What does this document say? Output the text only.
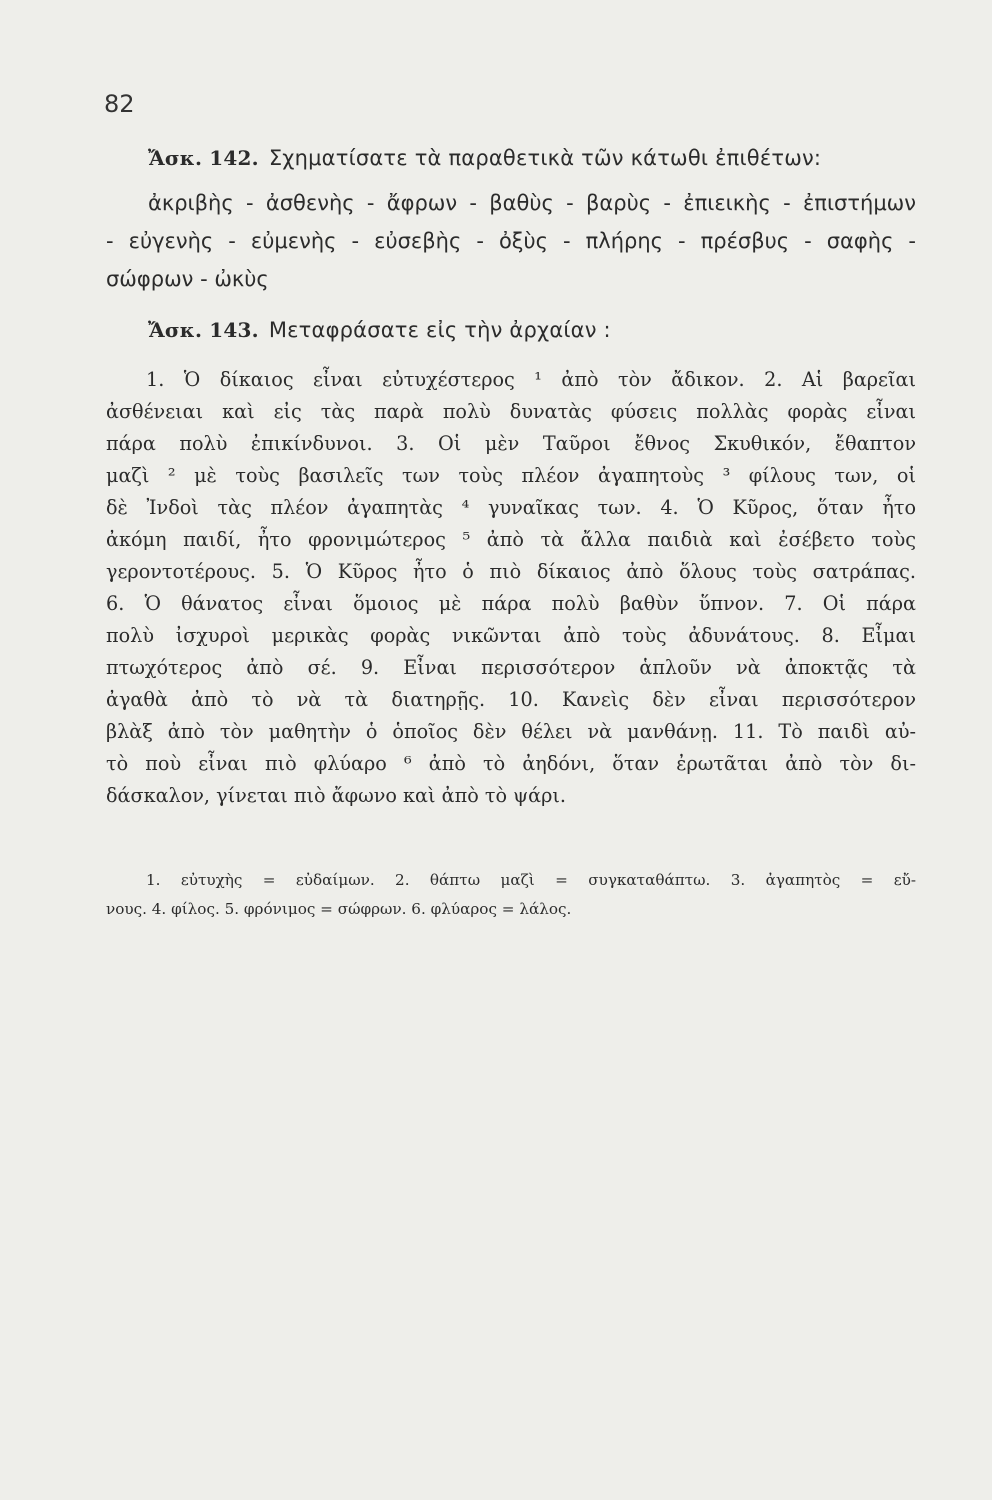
82
Ἄσκ. 142. Σχηματίσατε τὰ παραθετικὰ τῶν κάτωθι ἐπιθέτων:
ἀκριβὴς - ἀσθενὴς - ἄφρων - βαθὺς - βαρὺς - ἐπιεικὴς - ἐπιστήμων
- εὐγενὴς - εὐμενὴς - εὐσεβὴς - ὀξὺς - πλήρης - πρέσβυς - σαφὴς -
σώφρων - ὠκὺς
Ἄσκ. 143. Μεταφράσατε εἰς τὴν ἀρχαίαν :
1. Ὁ δίκαιος εἶναι εὐτυχέστερος ¹ ἀπὸ τὸν ἄδικον. 2. Αἱ βαρεῖαι
ἀσθένειαι καὶ εἰς τὰς παρὰ πολὺ δυνατὰς φύσεις πολλὰς φορὰς εἶναι
πάρα πολὺ ἐπικίνδυνοι. 3. Οἱ μὲν Ταῦροι ἔθνος Σκυθικόν, ἔθαπτον
μαζὶ ² μὲ τοὺς βασιλεῖς των τοὺς πλέον ἀγαπητοὺς ³ φίλους των, οἱ
δὲ Ἰνδοὶ τὰς πλέον ἀγαπητὰς ⁴ γυναῖκας των. 4. Ὁ Κῦρος, ὅταν ἦτο
ἀκόμη παιδί, ἦτο φρονιμώτερος ⁵ ἀπὸ τὰ ἄλλα παιδιὰ καὶ ἐσέβετο τοὺς
γεροντοτέρους. 5. Ὁ Κῦρος ἦτο ὁ πιὸ δίκαιος ἀπὸ ὅλους τοὺς σατράπας.
6. Ὁ θάνατος εἶναι ὅμοιος μὲ πάρα πολὺ βαθὺν ὕπνον. 7. Οἱ πάρα
πολὺ ἰσχυροὶ μερικὰς φορὰς νικῶνται ἀπὸ τοὺς ἀδυνάτους. 8. Εἶμαι
πτωχότερος ἀπὸ σέ. 9. Εἶναι περισσότερον ἁπλοῦν νὰ ἀποκτᾷς τὰ
ἀγαθὰ ἀπὸ τὸ νὰ τὰ διατηρῇς. 10. Κανεὶς δὲν εἶναι περισσότερον
βλὰξ ἀπὸ τὸν μαθητὴν ὁ ὁποῖος δὲν θέλει νὰ μανθάνῃ. 11. Τὸ παιδὶ αὐ-
τὸ ποὺ εἶναι πιὸ φλύαρο ⁶ ἀπὸ τὸ ἀηδόνι, ὅταν ἐρωτᾶται ἀπὸ τὸν δι-
δάσκαλον, γίνεται πιὸ ἄφωνο καὶ ἀπὸ τὸ ψάρι.
1. εὐτυχὴς = εὐδαίμων. 2. θάπτω μαζὶ = συγκαταθάπτω. 3. ἀγαπητὸς = εὔ-
νους. 4. φίλος. 5. φρόνιμος = σώφρων. 6. φλύαρος = λάλος.
